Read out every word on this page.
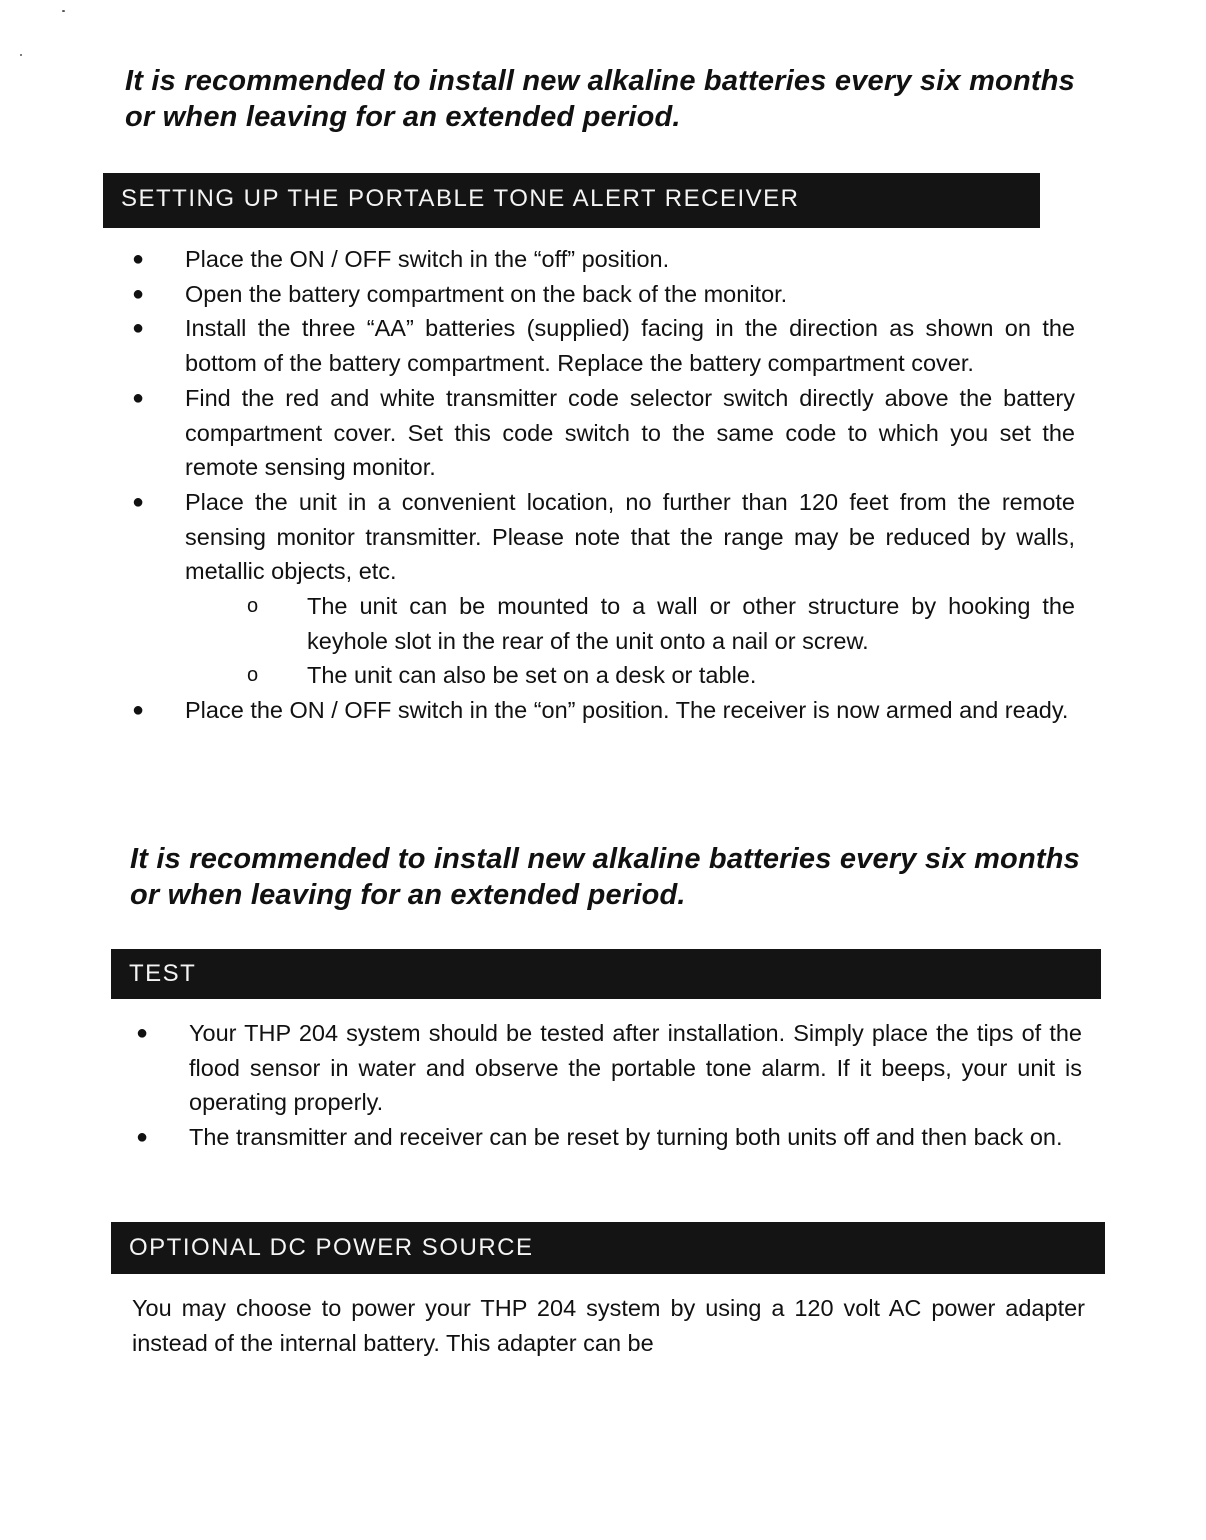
It is recommended to install new alkaline batteries every six months or when leaving for an extended period.

SETTING UP THE PORTABLE TONE ALERT RECEIVER
● Place the ON / OFF switch in the “off” position.
● Open the battery compartment on the back of the monitor.
● Install the three “AA” batteries (supplied) facing in the direction as shown on the bottom of the battery compartment. Replace the battery compartment cover.
● Find the red and white transmitter code selector switch directly above the battery compartment cover. Set this code switch to the same code to which you set the remote sensing monitor.
● Place the unit in a convenient location, no further than 120 feet from the remote sensing monitor transmitter. Please note that the range may be reduced by walls, metallic objects, etc.
o The unit can be mounted to a wall or other structure by hooking the keyhole slot in the rear of the unit onto a nail or screw.
o The unit can also be set on a desk or table.
● Place the ON / OFF switch in the “on” position. The receiver is now armed and ready.

It is recommended to install new alkaline batteries every six months or when leaving for an extended period.

TEST
● Your THP 204 system should be tested after installation. Simply place the tips of the flood sensor in water and observe the portable tone alarm. If it beeps, your unit is operating properly.
● The transmitter and receiver can be reset by turning both units off and then back on.
OPTIONAL DC POWER SOURCE

You may choose to power your THP 204 system by using a 120 volt AC power adapter instead of the internal battery. This adapter can be
